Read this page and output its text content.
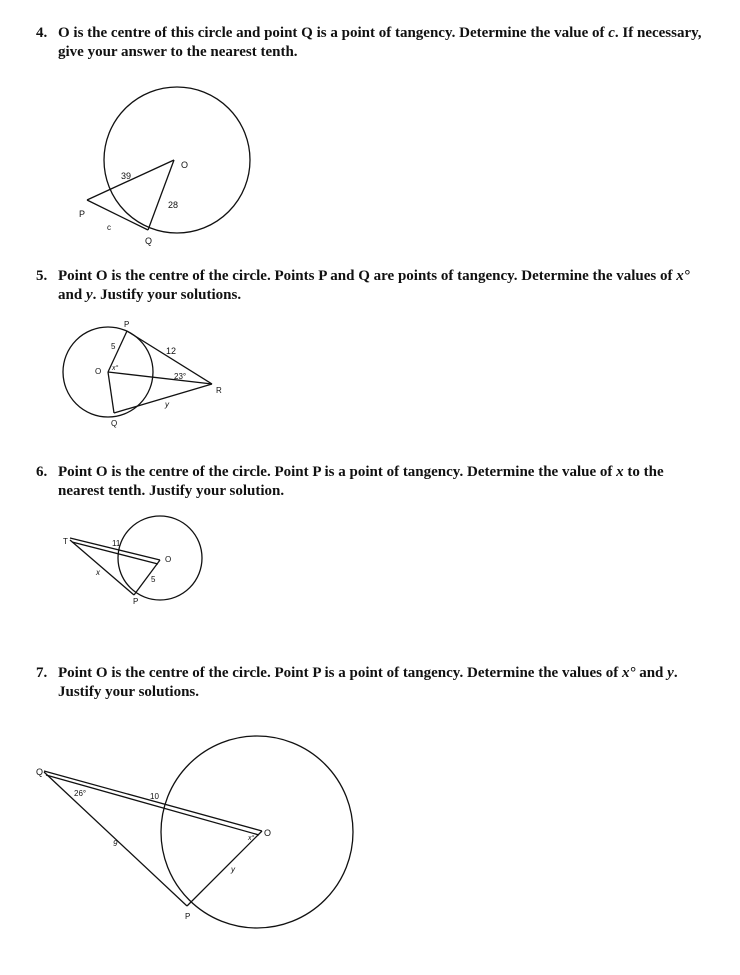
4. O is the centre of this circle and point Q is a point of tangency. Determine the value of c. If necessary, give your answer to the nearest tenth.
O
P
Q
c
39
28
5. Point O is the centre of the circle. Points P and Q are points of tangency. Determine the values of x° and y. Justify your solutions.
P
O
Q
R
5
x°
12
23°
y
6. Point O is the centre of the circle. Point P is a point of tangency. Determine the value of x to the nearest tenth. Justify your solution.
T	11
O
x
5
P
7. Point O is the centre of the circle. Point P is a point of tangency. Determine the values of x° and y. Justify your solutions.
Q
26°	10
9
x°
O
y
P
